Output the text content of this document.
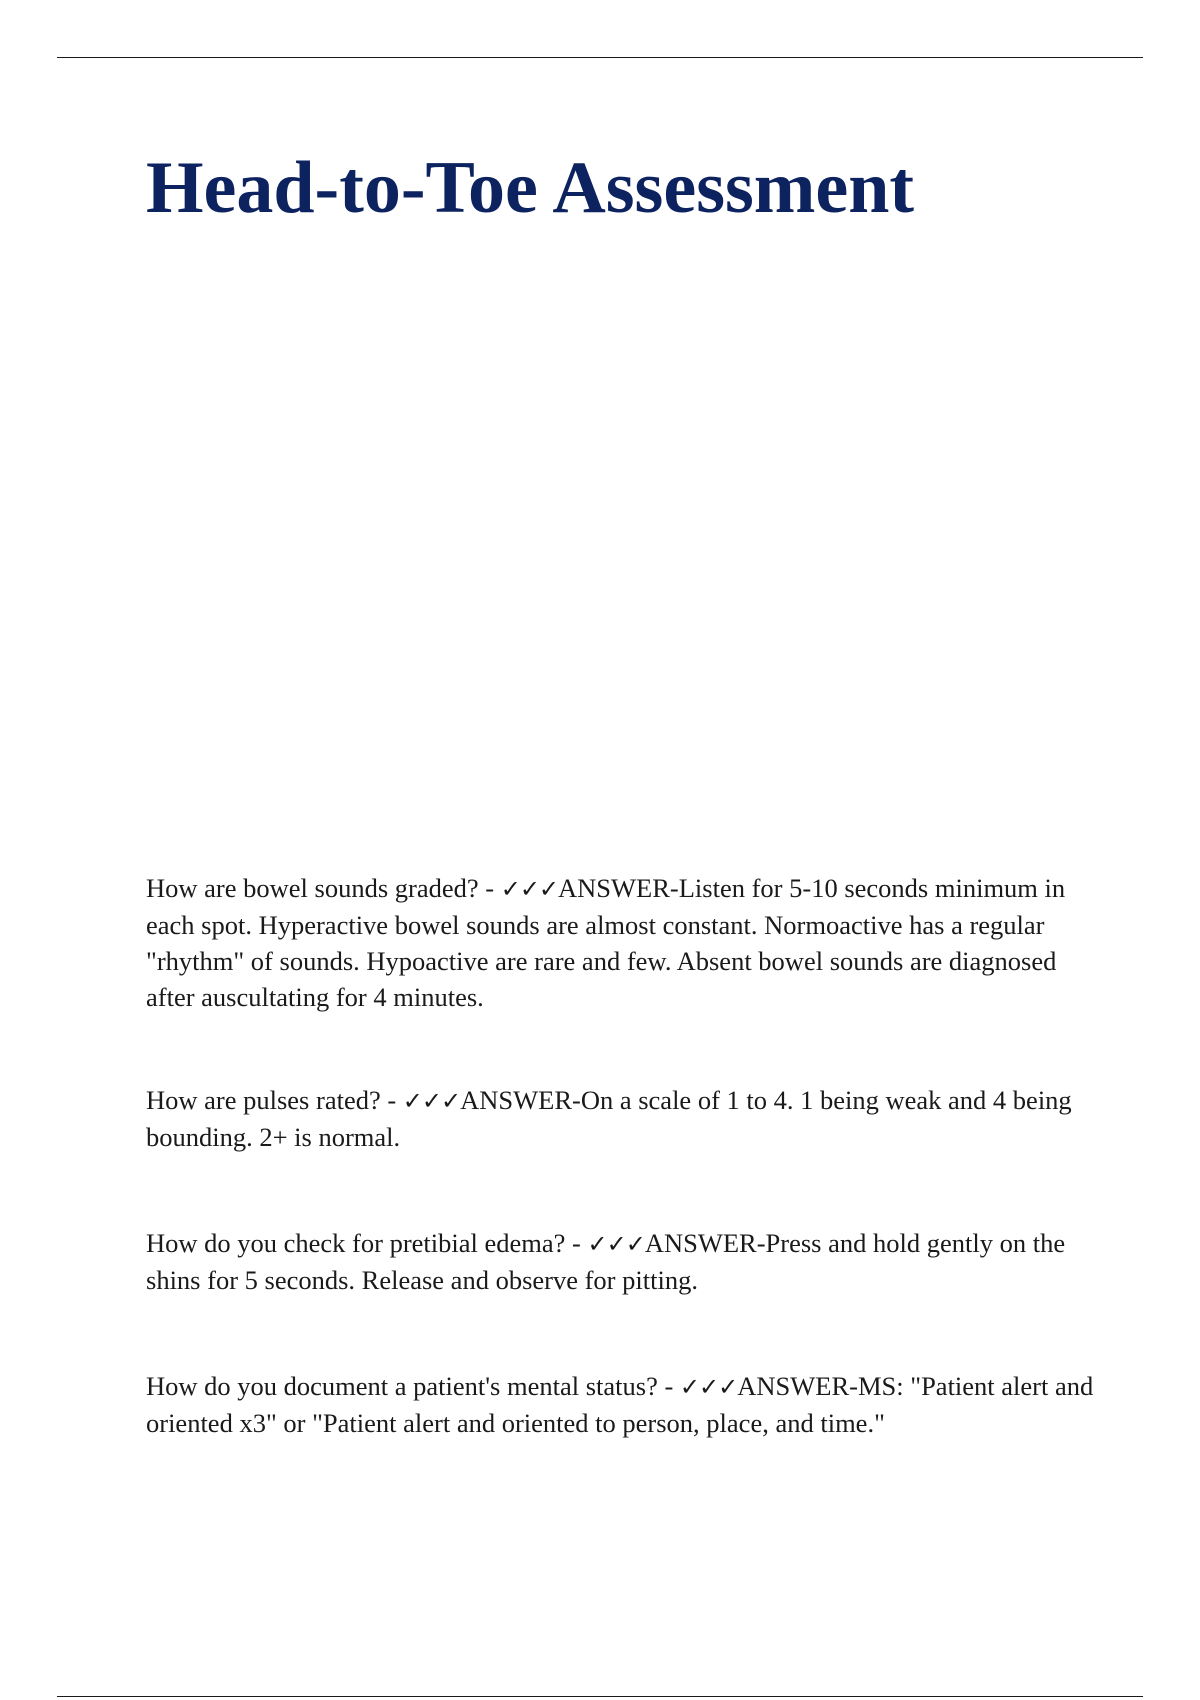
Head-to-Toe Assessment

How are bowel sounds graded? - ✓✓✓ANSWER-Listen for 5-10 seconds minimum in each spot. Hyperactive bowel sounds are almost constant. Normoactive has a regular "rhythm" of sounds. Hypoactive are rare and few. Absent bowel sounds are diagnosed after auscultating for 4 minutes.

How are pulses rated? - ✓✓✓ANSWER-On a scale of 1 to 4. 1 being weak and 4 being bounding. 2+ is normal.

How do you check for pretibial edema? - ✓✓✓ANSWER-Press and hold gently on the shins for 5 seconds. Release and observe for pitting.

How do you document a patient's mental status? - ✓✓✓ANSWER-MS: "Patient alert and oriented x3" or "Patient alert and oriented to person, place, and time."
